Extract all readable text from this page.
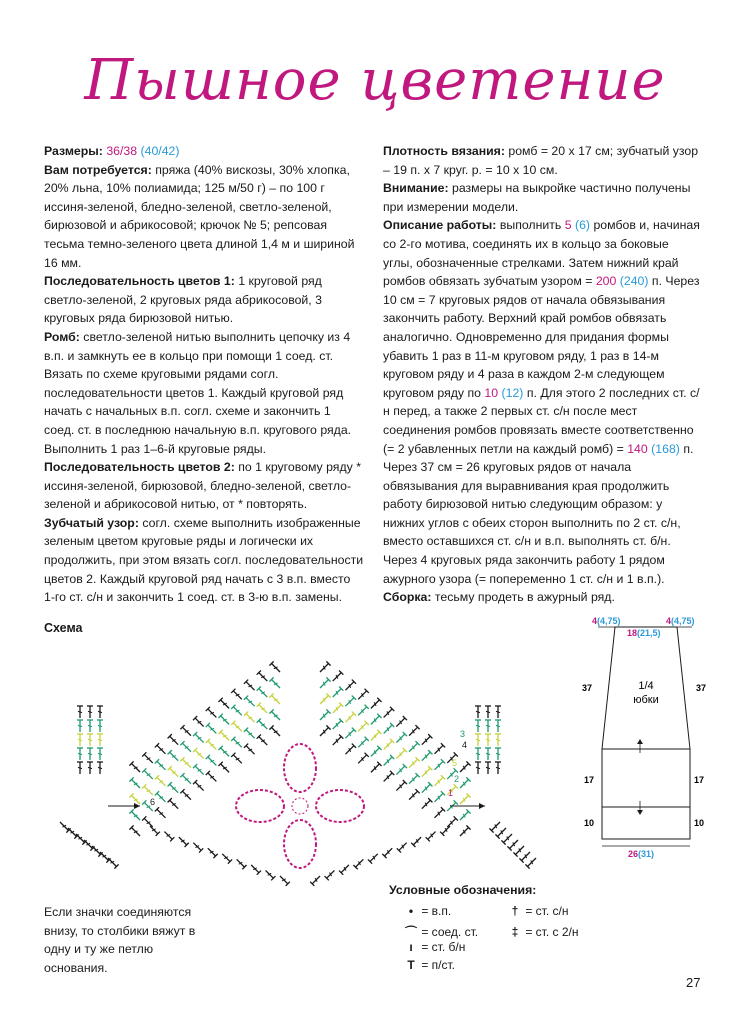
Пышное цветение

Размеры: 36/38 (40/42)

Вам потребуется: пряжа (40% вискозы, 30% хлопка, 20% льна, 10% полиамида; 125 м/50 г) – по 100 г иссиня-зеленой, бледно-зеленой, светло-зеленой, бирюзовой и абрикосовой; крючок № 5; репсовая тесьма темно-зеленого цвета длиной 1,4 м и шириной 16 мм.

Последовательность цветов 1: 1 круговой ряд светло-зеленой, 2 круговых ряда абрикосовой, 3 круговых ряда бирюзовой нитью.

Ромб: светло-зеленой нитью выполнить цепочку из 4 в.п. и замкнуть ее в кольцо при помощи 1 соед. ст. Вязать по схеме круговыми рядами согл. последовательности цветов 1. Каждый круговой ряд начать с начальных в.п. согл. схеме и закончить 1 соед. ст. в последнюю начальную в.п. кругового ряда. Выполнить 1 раз 1–6-й круговые ряды.

Последовательность цветов 2: по 1 круговому ряду * иссиня-зеленой, бирюзовой, бледно-зеленой, светло-зеленой и абрикосовой нитью, от * повторять.

Зубчатый узор: согл. схеме выполнить изображенные зеленым цветом круговые ряды и логически их продолжить, при этом вязать согл. последовательности цветов 2. Каждый круговой ряд начать с 3 в.п. вместо 1-го ст. с/н и закончить 1 соед. ст. в 3-ю в.п. замены.

Плотность вязания: ромб = 20 х 17 см; зубчатый узор – 19 п. х 7 круг. р. = 10 х 10 см.

Внимание: размеры на выкройке частично получены при измерении модели.

Описание работы: выполнить 5 (6) ромбов и, начиная со 2-го мотива, соединять их в кольцо за боковые углы, обозначенные стрелками. Затем нижний край ромбов обвязать зубчатым узором = 200 (240) п. Через 10 см = 7 круговых рядов от начала обвязывания закончить работу. Верхний край ромбов обвязать аналогично. Одновременно для придания формы убавить 1 раз в 11-м круговом ряду, 1 раз в 14-м круговом ряду и 4 раза в каждом 2-м следующем круговом ряду по 10 (12) п. Для этого 2 последних ст. с/н перед, а также 2 первых ст. с/н после мест соединения ромбов провязать вместе соответственно (= 2 убавленных петли на каждый ромб) = 140 (168) п. Через 37 см = 26 круговых рядов от начала обвязывания для выравнивания края продолжить работу бирюзовой нитью следующим образом: у нижних углов с обеих сторон выполнить по 2 ст. с/н, вместо оставшихся ст. с/н и в.п. выполнять ст. б/н. Через 4 круговых ряда закончить работу 1 рядом ажурного узора (= попеременно 1 ст. с/н и 1 в.п.).

Сборка: тесьму продеть в ажурный ряд.

Схема
1
2
3
4
5
6
Если значки соединяются внизу, то столбики вяжут в одну и ту же петлю основания.
Условные обозначения:
• = в.п.
⌒ = соед. ст.
ı = ст. б/н
T = п/ст.
† = ст. с/н
‡ = ст. с 2/н
4(4,75)
18(21,5)
4(4,75)
1/4
юбки
37	37
17	17
10	10
26(31)
27
